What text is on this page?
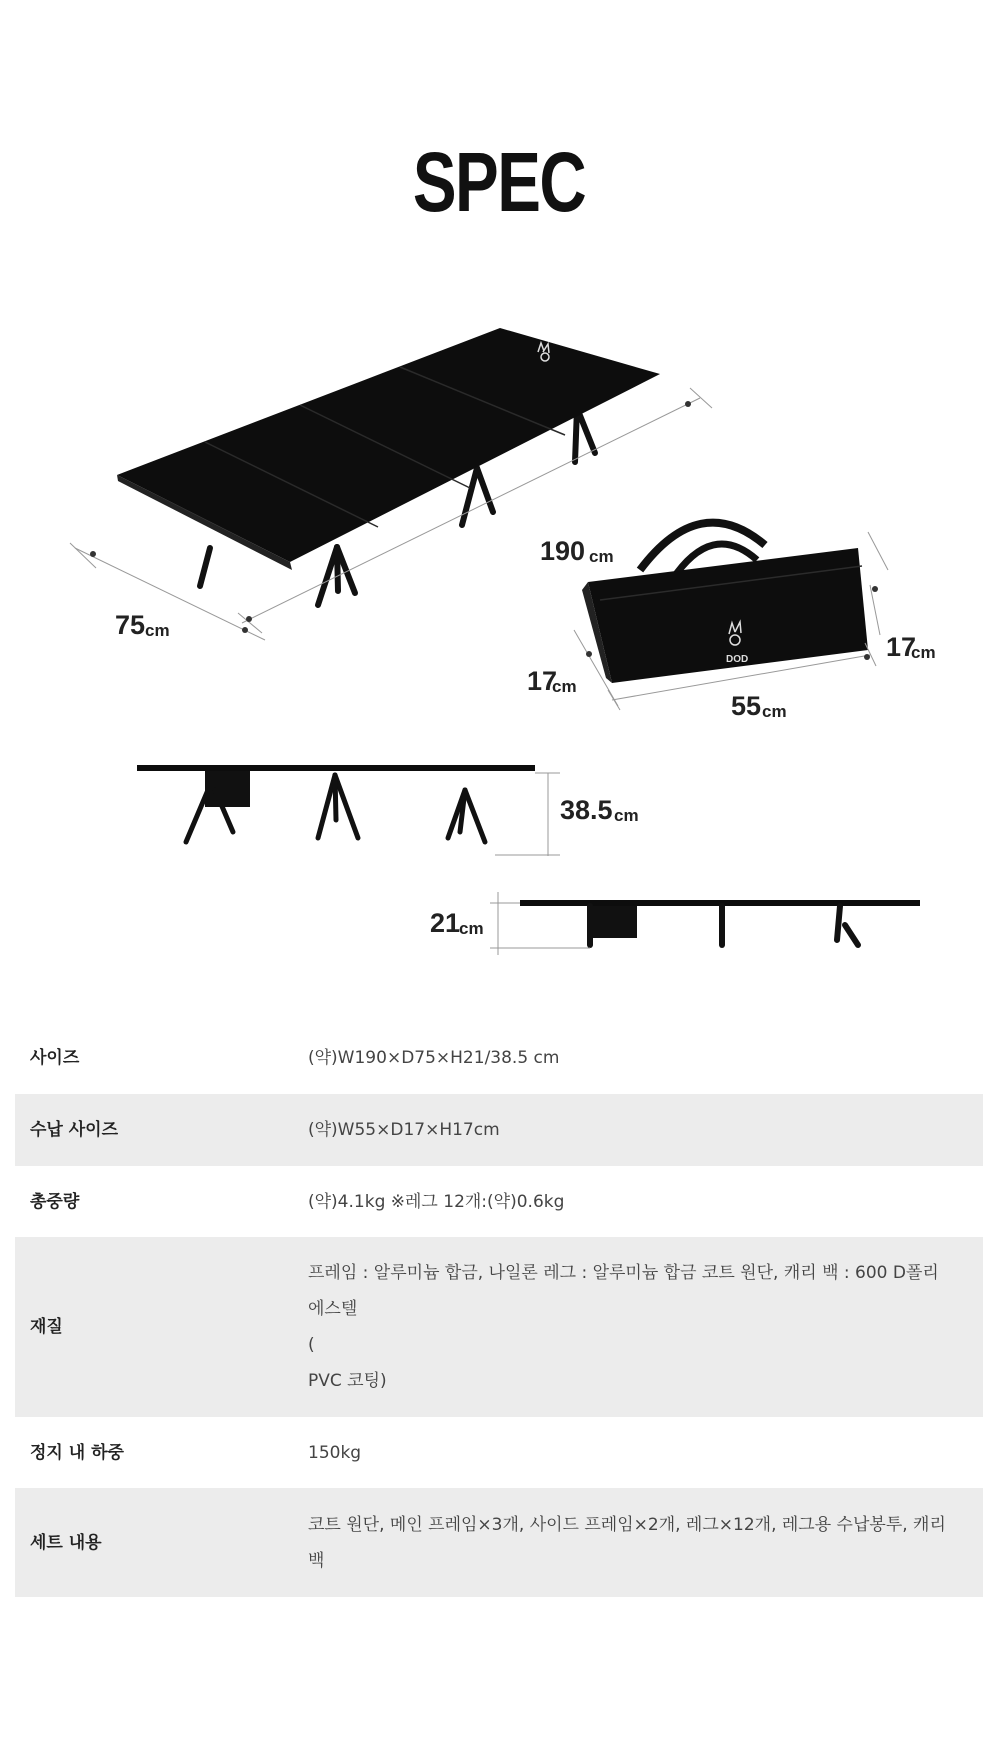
SPEC
190 cm
75 cm
DOD
55 cm
17
cm
17
cm
38.5 cm
21
cm
사이즈	(약)W190×D75×H21/38.5 cm

수납 사이즈	(약)W55×D17×H17cm

총중량	(약)4.1kg ※레그 12개:(약)0.6kg

재질	프레임 : 알루미늄 합금, 나일론 레그 : 알루미늄 합금 코트 원단, 캐리 백 : 600 D폴리
에스텔
(
PVC 코팅)

정지 내 하중	150kg

세트 내용	코트 원단, 메인 프레임×3개, 사이드 프레임×2개, 레그×12개, 레그용 수납봉투, 캐리
백
